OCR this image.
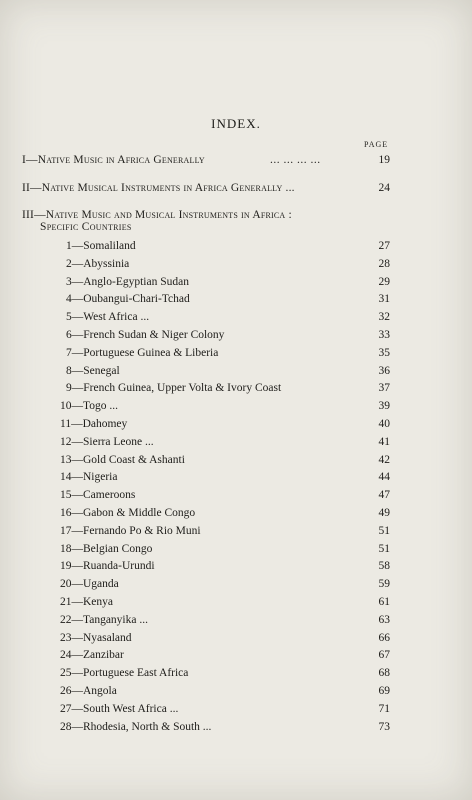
INDEX.
PAGE
I—Native Music in Africa Generally	... ... ... ...	19
II—Native Musical Instruments in Africa Generally ...	24
III—Native Music and Musical Instruments in Africa :
Specific Countries
1—Somaliland	27
2—Abyssinia	28
3—Anglo-Egyptian Sudan	29
4—Oubangui-Chari-Tchad	31
5—West Africa ...	32
6—French Sudan & Niger Colony	33
7—Portuguese Guinea & Liberia	35
8—Senegal	36
9—French Guinea, Upper Volta & Ivory Coast	37
10—Togo ...	39
11—Dahomey	40
12—Sierra Leone ...	41
13—Gold Coast & Ashanti	42
14—Nigeria	44
15—Cameroons	47
16—Gabon & Middle Congo	49
17—Fernando Po & Rio Muni	51
18—Belgian Congo	51
19—Ruanda-Urundi	58
20—Uganda	59
21—Kenya	61
22—Tanganyika ...	63
23—Nyasaland	66
24—Zanzibar	67
25—Portuguese East Africa	68
26—Angola	69
27—South West Africa ...	71
28—Rhodesia, North & South ...	73
